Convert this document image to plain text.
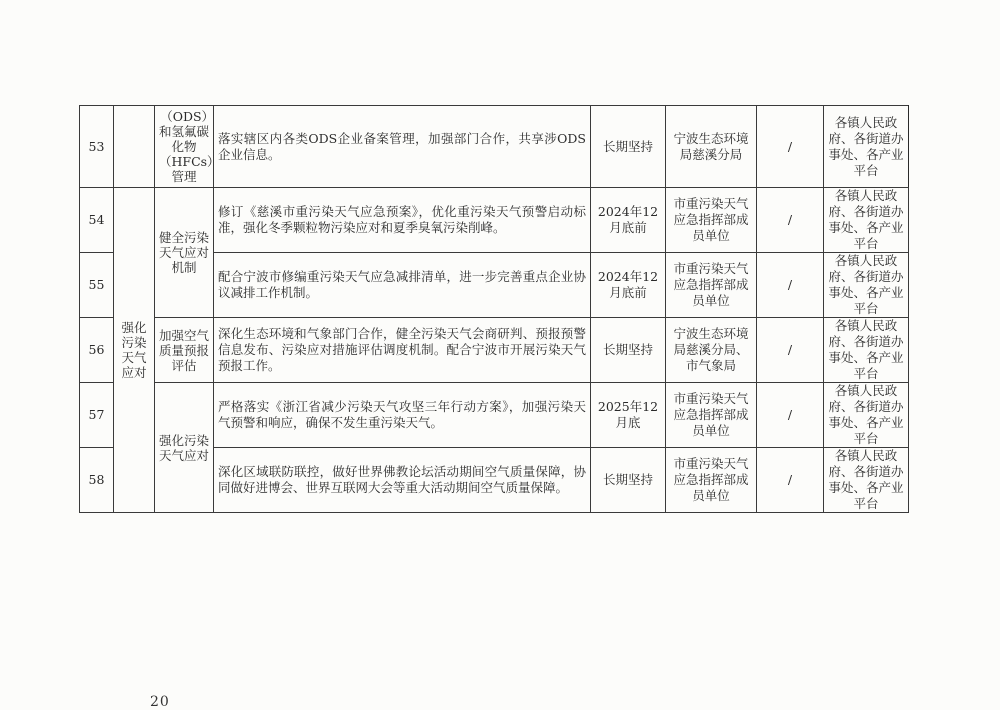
53		（ODS）和氢氟碳化物（HFCs）管理	落实辖区内各类ODS企业备案管理，加强部门合作，共享涉ODS企业信息。	长期坚持	宁波生态环境局慈溪分局	/	各镇人民政府、各街道办事处、各产业平台
54	强化污染天气应对	健全污染天气应对机制	修订《慈溪市重污染天气应急预案》，优化重污染天气预警启动标准，强化冬季颗粒物污染应对和夏季臭氧污染削峰。	2024年12月底前	市重污染天气应急指挥部成员单位	/	各镇人民政府、各街道办事处、各产业平台
55			配合宁波市修编重污染天气应急减排清单，进一步完善重点企业协议减排工作机制。	2024年12月底前	市重污染天气应急指挥部成员单位	/	各镇人民政府、各街道办事处、各产业平台
56		加强空气质量预报评估	深化生态环境和气象部门合作，健全污染天气会商研判、预报预警信息发布、污染应对措施评估调度机制。配合宁波市开展污染天气预报工作。	长期坚持	宁波生态环境局慈溪分局、市气象局	/	各镇人民政府、各街道办事处、各产业平台
57		强化污染天气应对	严格落实《浙江省减少污染天气攻坚三年行动方案》，加强污染天气预警和响应，确保不发生重污染天气。	2025年12月底	市重污染天气应急指挥部成员单位	/	各镇人民政府、各街道办事处、各产业平台
58			深化区域联防联控，做好世界佛教论坛活动期间空气质量保障，协同做好进博会、世界互联网大会等重大活动期间空气质量保障。	长期坚持	市重污染天气应急指挥部成员单位	/	各镇人民政府、各街道办事处、各产业平台
20
